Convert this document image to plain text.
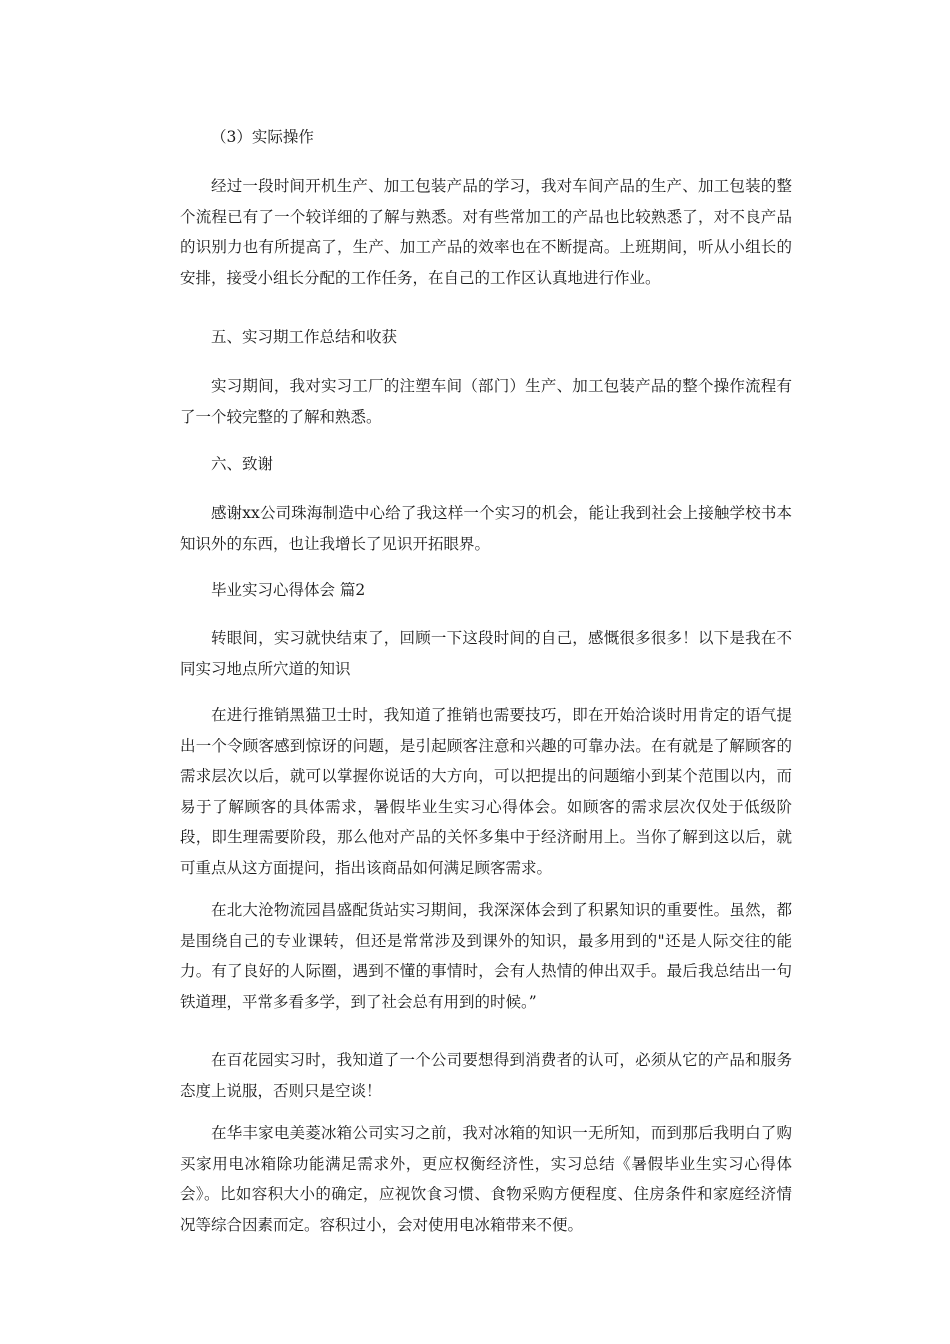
（3）实际操作

经过一段时间开机生产、加工包装产品的学习，我对车间产品的生产、加工包装的整个流程已有了一个较详细的了解与熟悉。对有些常加工的产品也比较熟悉了，对不良产品的识别力也有所提高了，生产、加工产品的效率也在不断提高。上班期间，听从小组长的安排，接受小组长分配的工作任务，在自己的工作区认真地进行作业。

五、实习期工作总结和收获

实习期间，我对实习工厂的注塑车间（部门）生产、加工包装产品的整个操作流程有了一个较完整的了解和熟悉。

六、致谢

感谢xx公司珠海制造中心给了我这样一个实习的机会，能让我到社会上接触学校书本知识外的东西，也让我增长了见识开拓眼界。

毕业实习心得体会 篇2

转眼间，实习就快结束了，回顾一下这段时间的自己，感慨很多很多！以下是我在不同实习地点所穴道的知识

在进行推销黑猫卫士时，我知道了推销也需要技巧，即在开始洽谈时用肯定的语气提出一个令顾客感到惊讶的问题，是引起顾客注意和兴趣的可靠办法。在有就是了解顾客的需求层次以后，就可以掌握你说话的大方向，可以把提出的问题缩小到某个范围以内，而易于了解顾客的具体需求，暑假毕业生实习心得体会。如顾客的需求层次仅处于低级阶段，即生理需要阶段，那么他对产品的关怀多集中于经济耐用上。当你了解到这以后，就可重点从这方面提问，指出该商品如何满足顾客需求。

在北大沧物流园昌盛配货站实习期间，我深深体会到了积累知识的重要性。虽然，都是围绕自己的专业课转，但还是常常涉及到课外的知识，最多用到的"还是人际交往的能力。有了良好的人际圈，遇到不懂的事情时，会有人热情的伸出双手。最后我总结出一句铁道理，平常多看多学，到了社会总有用到的时候。”

在百花园实习时，我知道了一个公司要想得到消费者的认可，必须从它的产品和服务态度上说服，否则只是空谈！

在华丰家电美菱冰箱公司实习之前，我对冰箱的知识一无所知，而到那后我明白了购买家用电冰箱除功能满足需求外，更应权衡经济性，实习总结《暑假毕业生实习心得体会》。比如容积大小的确定，应视饮食习惯、食物采购方便程度、住房条件和家庭经济情况等综合因素而定。容积过小，会对使用电冰箱带来不便。
